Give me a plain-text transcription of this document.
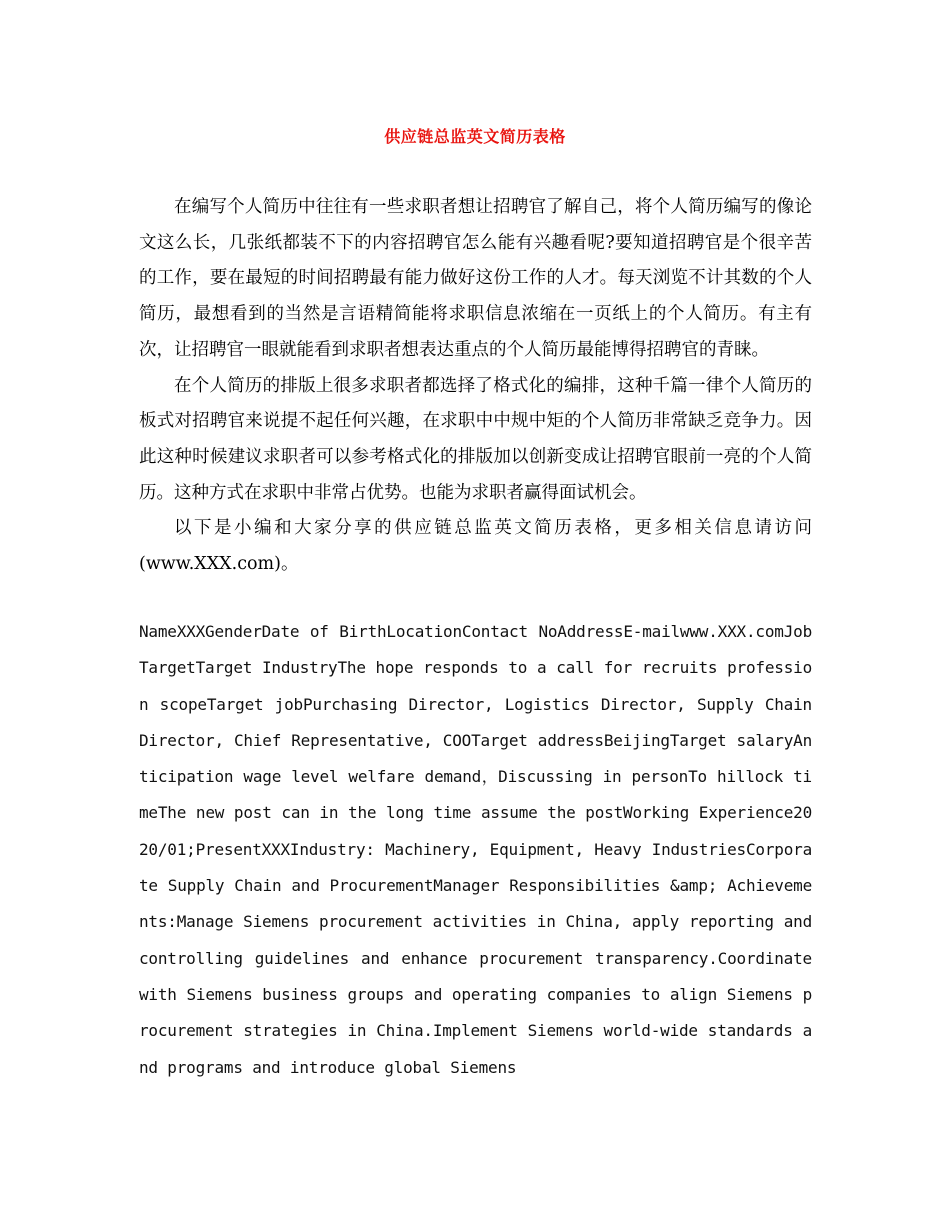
供应链总监英文简历表格

在编写个人简历中往往有一些求职者想让招聘官了解自己，将个人简历编写的像论文这么长，几张纸都装不下的内容招聘官怎么能有兴趣看呢?要知道招聘官是个很辛苦的工作，要在最短的时间招聘最有能力做好这份工作的人才。每天浏览不计其数的个人简历，最想看到的当然是言语精简能将求职信息浓缩在一页纸上的个人简历。有主有次，让招聘官一眼就能看到求职者想表达重点的个人简历最能博得招聘官的青睐。

在个人简历的排版上很多求职者都选择了格式化的编排，这种千篇一律个人简历的板式对招聘官来说提不起任何兴趣，在求职中中规中矩的个人简历非常缺乏竞争力。因此这种时候建议求职者可以参考格式化的排版加以创新变成让招聘官眼前一亮的个人简历。这种方式在求职中非常占优势。也能为求职者赢得面试机会。

以下是小编和大家分享的供应链总监英文简历表格，更多相关信息请访问(www.XXX.com)。

NameXXXGenderDate of BirthLocationContact NoAddressE-mailwww.XXX.comJob TargetTarget IndustryThe hope responds to a call for recruits profession scopeTarget jobPurchasing Director, Logistics Director, Supply Chain Director, Chief Representative, COOTarget addressBeijingTarget salaryAnticipation wage level welfare demand，Discussing in personTo hillock timeThe new post can in the long time assume the postWorking Experience2020/01;PresentXXXIndustry: Machinery, Equipment, Heavy IndustriesCorporate Supply Chain and ProcurementManager Responsibilities &amp; Achievements:Manage Siemens procurement activities in China, apply reporting and controlling guidelines and enhance procurement transparency.Coordinate with Siemens business groups and operating companies to align Siemens procurement strategies in China.Implement Siemens world-wide standards and programs and introduce global Siemens
